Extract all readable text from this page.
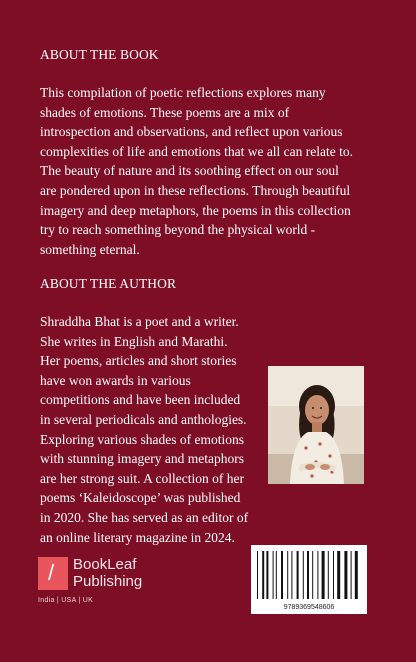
ABOUT THE BOOK
This compilation of poetic reflections explores many
shades of emotions. These poems are a mix of
introspection and observations, and reflect upon various
complexities of life and emotions that we all can relate to.
The beauty of nature and its soothing effect on our soul
are pondered upon in these reflections. Through beautiful
imagery and deep metaphors, the poems in this collection
try to reach something beyond the physical world -
something eternal.
ABOUT THE AUTHOR
Shraddha Bhat is a poet and a writer.
She writes in English and Marathi.
Her poems, articles and short stories
have won awards in various
competitions and have been included
in several periodicals and anthologies.
Exploring various shades of emotions
with stunning imagery and metaphors
are her strong suit. A collection of her
poems ‘Kaleidoscope’ was published
in 2020. She has served as an editor of
an online literary magazine in 2024.
/ BookLeaf
Publishing
India | USA | UK
9789369548606
